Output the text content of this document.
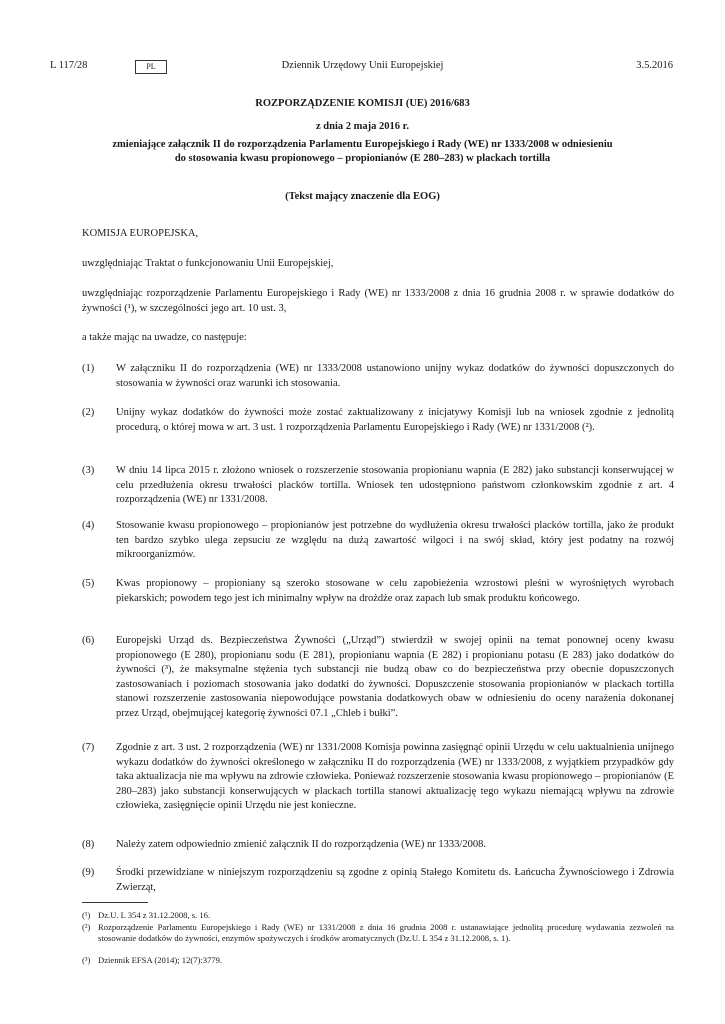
L 117/28	PL	Dziennik Urzędowy Unii Europejskiej	3.5.2016
ROZPORZĄDZENIE KOMISJI (UE) 2016/683
z dnia 2 maja 2016 r.
zmieniające załącznik II do rozporządzenia Parlamentu Europejskiego i Rady (WE) nr 1333/2008 w odniesieniu do stosowania kwasu propionowego – propionianów (E 280–283) w plackach tortilla
(Tekst mający znaczenie dla EOG)
KOMISJA EUROPEJSKA,
uwzględniając Traktat o funkcjonowaniu Unii Europejskiej,
uwzględniając rozporządzenie Parlamentu Europejskiego i Rady (WE) nr 1333/2008 z dnia 16 grudnia 2008 r. w sprawie dodatków do żywności (¹), w szczególności jego art. 10 ust. 3,
a także mając na uwadze, co następuje:
(1)	W załączniku II do rozporządzenia (WE) nr 1333/2008 ustanowiono unijny wykaz dodatków do żywności dopuszczonych do stosowania w żywności oraz warunki ich stosowania.
(2)	Unijny wykaz dodatków do żywności może zostać zaktualizowany z inicjatywy Komisji lub na wniosek zgodnie z jednolitą procedurą, o której mowa w art. 3 ust. 1 rozporządzenia Parlamentu Europejskiego i Rady (WE) nr 1331/2008 (²).
(3)	W dniu 14 lipca 2015 r. złożono wniosek o rozszerzenie stosowania propionianu wapnia (E 282) jako substancji konserwującej w celu przedłużenia okresu trwałości placków tortilla. Wniosek ten udostępniono państwom członkowskim zgodnie z art. 4 rozporządzenia (WE) nr 1331/2008.
(4)	Stosowanie kwasu propionowego – propionianów jest potrzebne do wydłużenia okresu trwałości placków tortilla, jako że produkt ten bardzo szybko ulega zepsuciu ze względu na dużą zawartość wilgoci i na swój skład, który jest podatny na rozwój mikroorganizmów.
(5)	Kwas propionowy – propioniany są szeroko stosowane w celu zapobieżenia wzrostowi pleśni w wyrośniętych wyrobach piekarskich; powodem tego jest ich minimalny wpływ na drożdże oraz zapach lub smak produktu końcowego.
(6)	Europejski Urząd ds. Bezpieczeństwa Żywności („Urząd”) stwierdził w swojej opinii na temat ponownej oceny kwasu propionowego (E 280), propionianu sodu (E 281), propionianu wapnia (E 282) i propionianu potasu (E 283) jako dodatków do żywności (³), że maksymalne stężenia tych substancji nie budzą obaw co do bezpieczeństwa przy obecnie dopuszczonych zastosowaniach i poziomach stosowania jako dodatki do żywności. Dopuszczenie stosowania propionianów w plackach tortilla stanowi rozszerzenie zastosowania niepowodujące powstania dodatkowych obaw w odniesieniu do oceny narażenia dokonanej przez Urząd, obejmującej kategorię żywności 07.1 „Chleb i bułki”.
(7)	Zgodnie z art. 3 ust. 2 rozporządzenia (WE) nr 1331/2008 Komisja powinna zasięgnąć opinii Urzędu w celu uaktualnienia unijnego wykazu dodatków do żywności określonego w załączniku II do rozporządzenia (WE) nr 1333/2008, z wyjątkiem przypadków gdy taka aktualizacja nie ma wpływu na zdrowie człowieka. Ponieważ rozszerzenie stosowania kwasu propionowego – propionianów (E 280–283) jako substancji konserwujących w plackach tortilla stanowi aktualizację tego wykazu niemającą wpływu na zdrowie człowieka, zasięgnięcie opinii Urzędu nie jest konieczne.
(8)	Należy zatem odpowiednio zmienić załącznik II do rozporządzenia (WE) nr 1333/2008.
(9)	Środki przewidziane w niniejszym rozporządzeniu są zgodne z opinią Stałego Komitetu ds. Łańcucha Żywnościowego i Zdrowia Zwierząt,
(¹) Dz.U. L 354 z 31.12.2008, s. 16.
(²) Rozporządzenie Parlamentu Europejskiego i Rady (WE) nr 1331/2008 z dnia 16 grudnia 2008 r. ustanawiające jednolitą procedurę wydawania zezwoleń na stosowanie dodatków do żywności, enzymów spożywczych i środków aromatycznych (Dz.U. L 354 z 31.12.2008, s. 1).
(³) Dziennik EFSA (2014); 12(7):3779.
